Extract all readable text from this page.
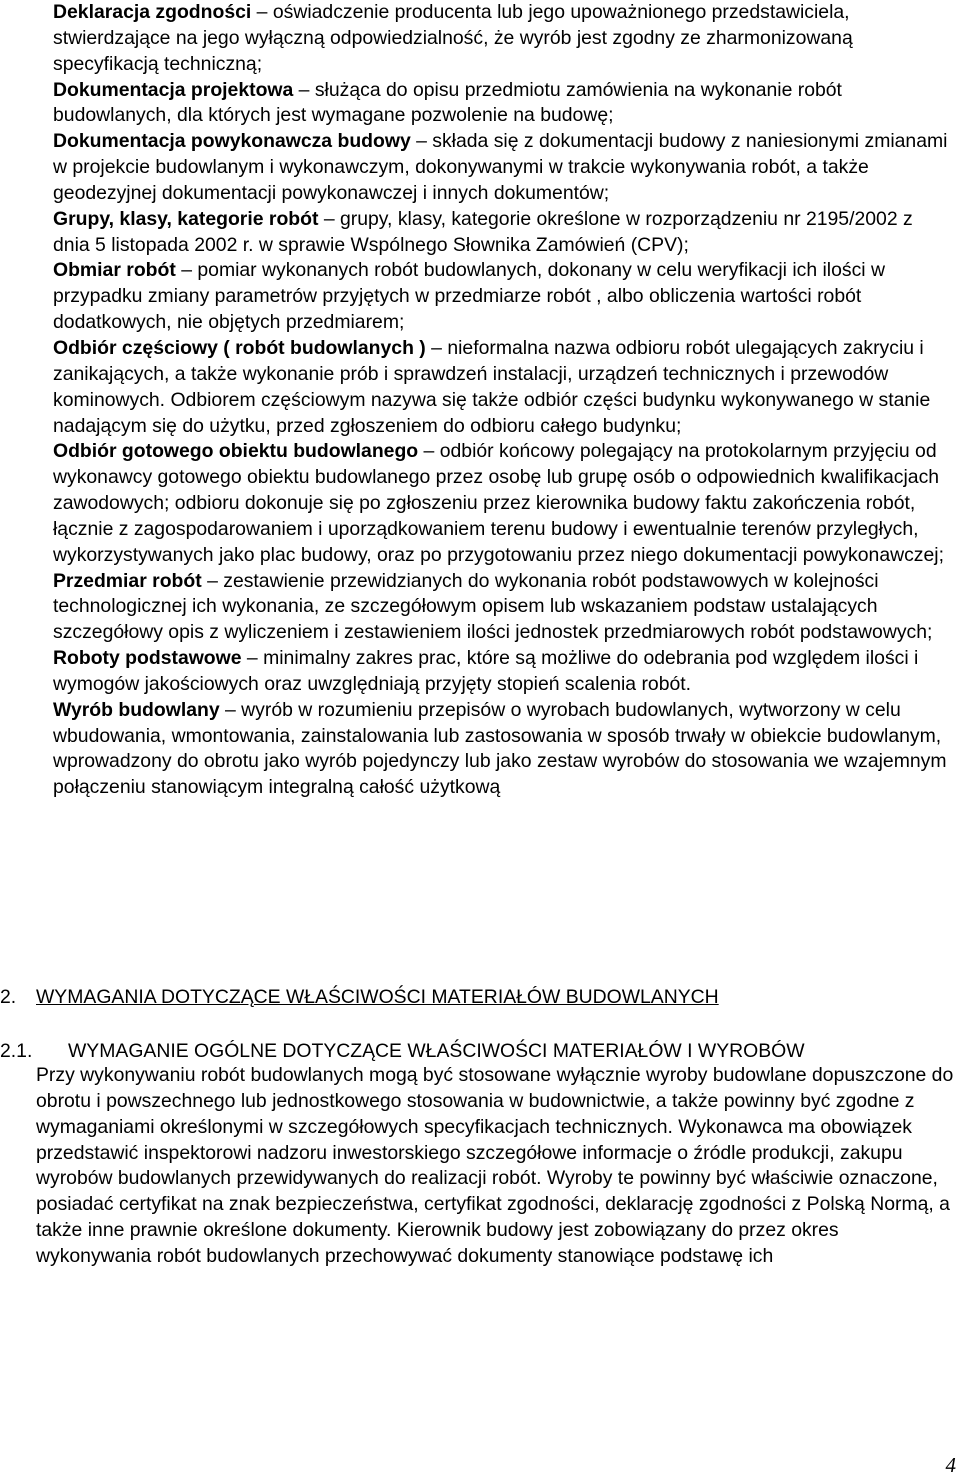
Deklaracja zgodności – oświadczenie producenta lub jego upoważnionego przedstawiciela, stwierdzające na jego wyłączną odpowiedzialność, że wyrób jest zgodny ze zharmonizowaną specyfikacją techniczną;

Dokumentacja projektowa – służąca do opisu przedmiotu zamówienia na wykonanie robót budowlanych, dla których jest wymagane pozwolenie na budowę;

Dokumentacja powykonawcza budowy – składa się z dokumentacji budowy z naniesionymi zmianami w projekcie budowlanym i wykonawczym, dokonywanymi w trakcie wykonywania robót, a także geodezyjnej dokumentacji powykonawczej i innych dokumentów;

Grupy, klasy, kategorie robót – grupy, klasy, kategorie określone w rozporządzeniu nr 2195/2002 z dnia 5 listopada 2002 r. w sprawie Wspólnego Słownika Zamówień (CPV);

Obmiar robót – pomiar wykonanych robót budowlanych, dokonany w celu weryfikacji ich ilości w przypadku zmiany parametrów przyjętych w przedmiarze robót , albo obliczenia wartości robót dodatkowych, nie objętych przedmiarem;

Odbiór częściowy ( robót budowlanych ) – nieformalna nazwa odbioru robót ulegających zakryciu i zanikających, a także wykonanie prób i sprawdzeń instalacji, urządzeń technicznych i przewodów kominowych. Odbiorem częściowym nazywa się także odbiór części budynku wykonywanego w stanie nadającym się do użytku, przed zgłoszeniem do odbioru całego budynku;

Odbiór gotowego obiektu budowlanego – odbiór końcowy polegający na protokolarnym przyjęciu od wykonawcy gotowego obiektu budowlanego przez osobę lub grupę osób o odpowiednich kwalifikacjach zawodowych; odbioru dokonuje się po zgłoszeniu przez kierownika budowy faktu zakończenia robót, łącznie z zagospodarowaniem i uporządkowaniem terenu budowy i ewentualnie terenów przyległych, wykorzystywanych jako plac budowy, oraz po przygotowaniu przez niego dokumentacji powykonawczej;

Przedmiar robót – zestawienie przewidzianych do wykonania robót podstawowych w kolejności technologicznej ich wykonania, ze szczegółowym opisem lub wskazaniem podstaw ustalających szczegółowy opis z wyliczeniem i zestawieniem ilości jednostek przedmiarowych robót podstawowych;

Roboty podstawowe – minimalny zakres prac, które są możliwe do odebrania pod względem ilości i wymogów jakościowych oraz uwzględniają przyjęty stopień scalenia robót.

Wyrób budowlany – wyrób w rozumieniu przepisów o wyrobach budowlanych, wytworzony w celu wbudowania, wmontowania, zainstalowania lub zastosowania w sposób trwały w obiekcie budowlanym, wprowadzony do obrotu jako wyrób pojedynczy lub jako zestaw wyrobów do stosowania we wzajemnym połączeniu stanowiącym integralną całość użytkową

2. WYMAGANIA DOTYCZĄCE WŁAŚCIWOŚCI MATERIAŁÓW BUDOWLANYCH
2.1. WYMAGANIE OGÓLNE DOTYCZĄCE WŁAŚCIWOŚCI MATERIAŁÓW I WYROBÓW

Przy wykonywaniu robót budowlanych mogą być stosowane wyłącznie wyroby budowlane dopuszczone do obrotu i powszechnego lub jednostkowego stosowania w budownictwie, a także powinny być zgodne z wymaganiami określonymi w szczegółowych specyfikacjach technicznych. Wykonawca ma obowiązek przedstawić inspektorowi nadzoru inwestorskiego szczegółowe informacje o źródle produkcji, zakupu wyrobów budowlanych przewidywanych do realizacji robót. Wyroby te powinny być właściwie oznaczone, posiadać certyfikat na znak bezpieczeństwa, certyfikat zgodności, deklarację zgodności z Polską Normą, a także inne prawnie określone dokumenty. Kierownik budowy jest zobowiązany do przez okres wykonywania robót budowlanych przechowywać dokumenty stanowiące podstawę ich

4
